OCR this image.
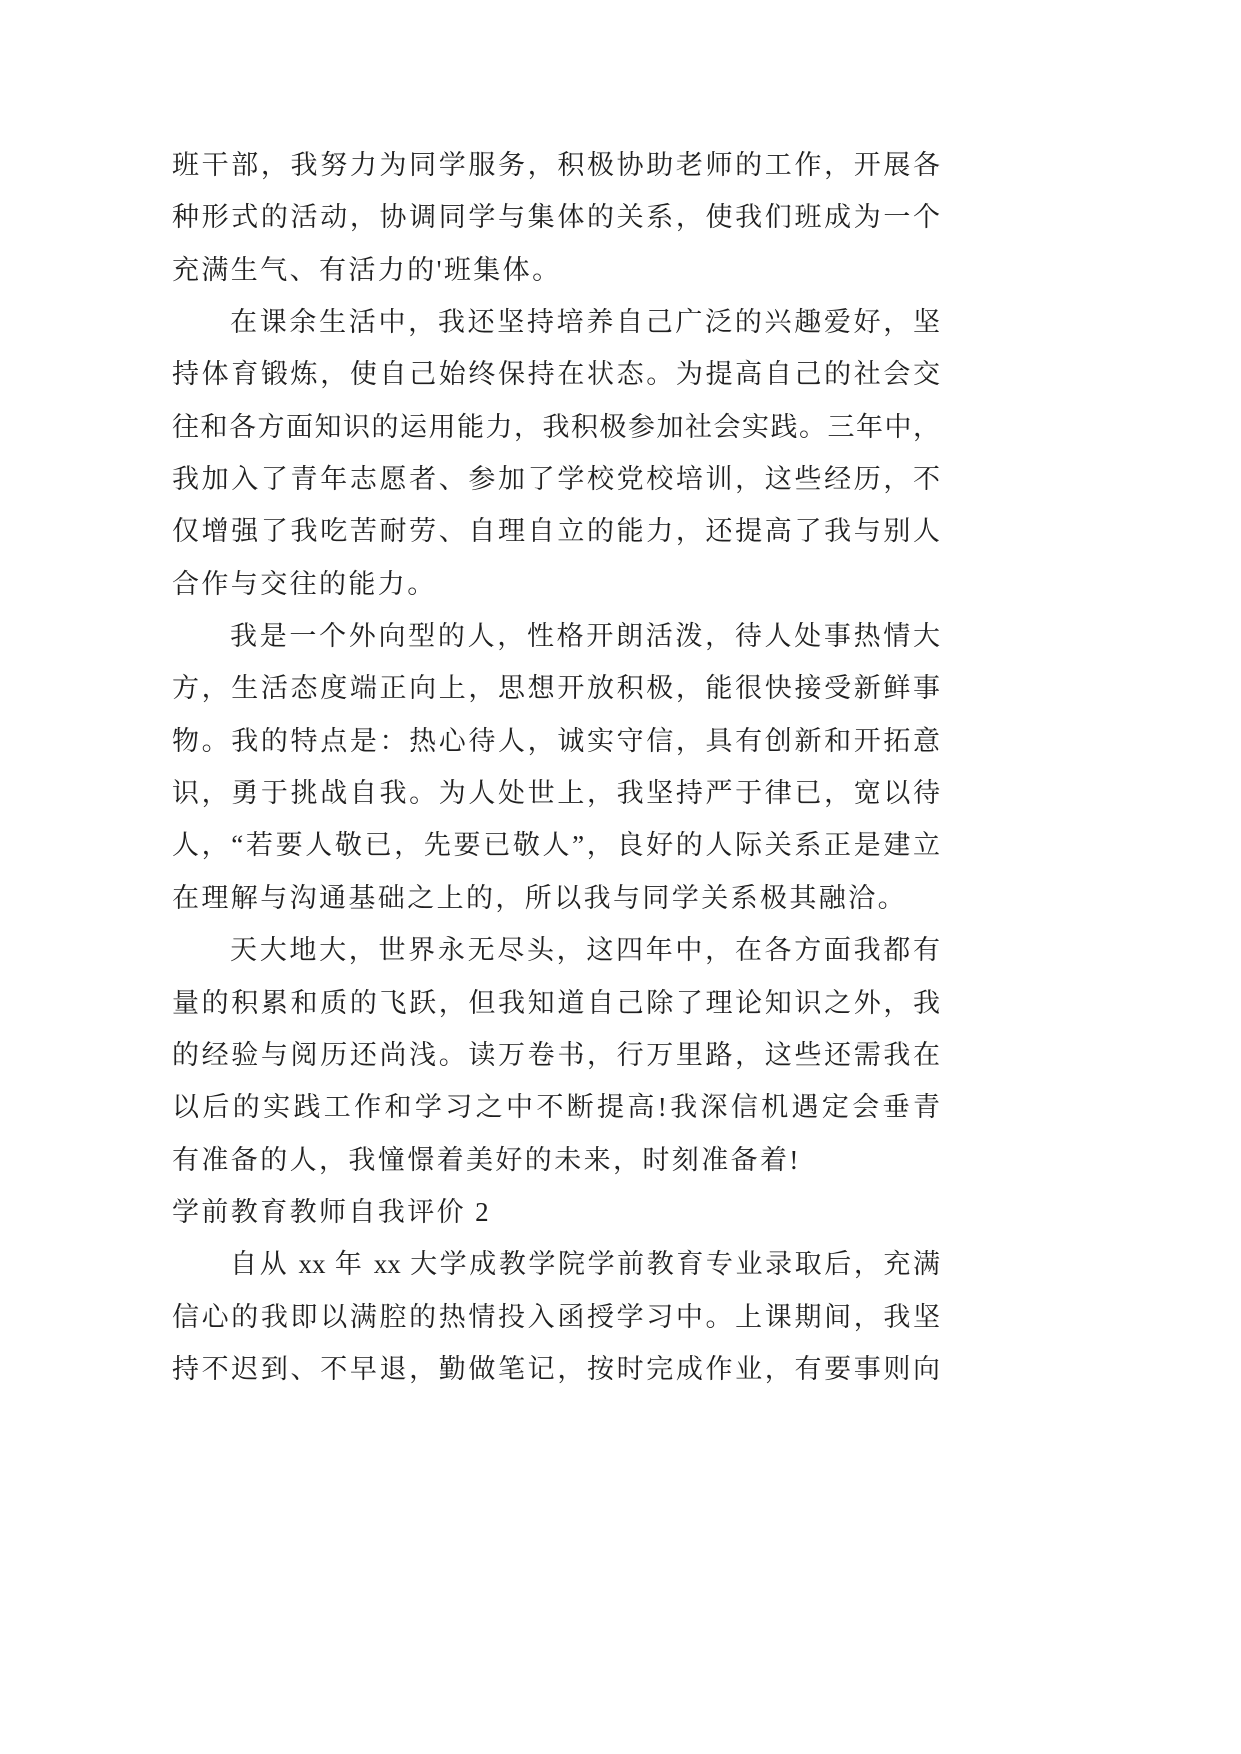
班干部，我努力为同学服务，积极协助老师的工作，开展各
种形式的活动，协调同学与集体的关系，使我们班成为一个
充满生气、有活力的'班集体。
在课余生活中，我还坚持培养自己广泛的兴趣爱好，坚
持体育锻炼，使自己始终保持在状态。为提高自己的社会交
往和各方面知识的运用能力，我积极参加社会实践。三年中，
我加入了青年志愿者、参加了学校党校培训，这些经历，不
仅增强了我吃苦耐劳、自理自立的能力，还提高了我与别人
合作与交往的能力。
我是一个外向型的人，性格开朗活泼，待人处事热情大
方，生活态度端正向上，思想开放积极，能很快接受新鲜事
物。我的特点是：热心待人，诚实守信，具有创新和开拓意
识，勇于挑战自我。为人处世上，我坚持严于律已，宽以待
人，“若要人敬已，先要已敬人”，良好的人际关系正是建立
在理解与沟通基础之上的，所以我与同学关系极其融洽。
天大地大，世界永无尽头，这四年中，在各方面我都有
量的积累和质的飞跃，但我知道自己除了理论知识之外，我
的经验与阅历还尚浅。读万卷书，行万里路，这些还需我在
以后的实践工作和学习之中不断提高!我深信机遇定会垂青
有准备的人，我憧憬着美好的未来，时刻准备着!
学前教育教师自我评价 2
自从 xx 年 xx 大学成教学院学前教育专业录取后，充满
信心的我即以满腔的热情投入函授学习中。上课期间，我坚
持不迟到、不早退，勤做笔记，按时完成作业，有要事则向
